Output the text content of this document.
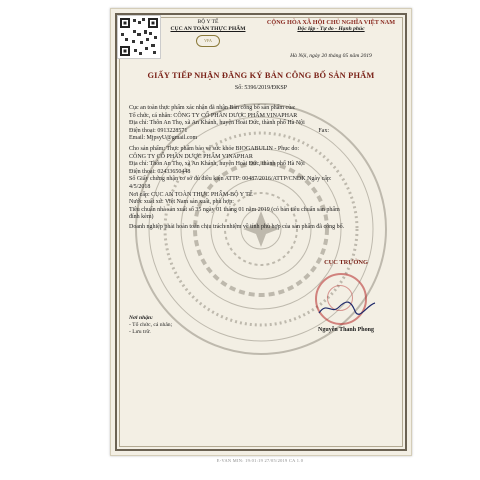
BỘ Y TẾ
CỤC AN TOÀN THỰC PHẨM
VFA
CỘNG HÒA XÃ HỘI CHỦ NGHĨA VIỆT NAM
Độc lập - Tự do - Hạnh phúc
Hà Nội, ngày 20 tháng 05 năm 2019
GIẤY TIẾP NHẬN ĐĂNG KÝ BẢN CÔNG BỐ SẢN PHẨM
Số: 5396/2019/ĐKSP
Cục an toàn thực phẩm xác nhận đã nhận Bản công bố sản phẩm của:
Tổ chức, cá nhân: CÔNG TY CỔ PHẦN DƯỢC PHẨM VINAPHAR
Địa chỉ: Thôn An Thọ, xã An Khánh, huyện Hoài Đức, thành phố Hà Nội
Điện thoại: 0913228571	Fax:
Email: MjpsyU@gmail.com
Cho sản phẩm: Thực phẩm bảo vệ sức khỏe BIOGABULIN - Phục do:
CÔNG TY CỔ PHẦN DƯỢC PHẨM VINAPHAR
Địa chỉ: Thôn An Thọ, xã An Khánh, huyện Hoài Đức, thành phố Hà Nội
Điện thoại: 02433650448
Số Giấy chứng nhận cơ sở đủ điều kiện ATTP: 00487/2016/ATTP/CNĐK Ngày cấp: 4/5/2018
Nơi cấp: CỤC AN TOÀN THỰC PHẨM-BỘ Y TẾ
Nước xuất xứ: Việt Nam sản xuất, phù hợp:
Tiêu chuẩn nhà sản xuất số 35 ngày 01 tháng 01 năm 2019 (có bản tiêu chuẩn sản phẩm đính kèm)
Doanh nghiệp phải hoàn toàn chịu trách nhiệm về tính phù hợp của sản phẩm đã công bố.
Nơi nhận:
- Tổ chức, cá nhân;
- Lưu trữ.
CỤC TRƯỞNG
Nguyễn Thanh Phong
E-VAN MIN: 19:01:19 27/05/2019 CA 1.0
